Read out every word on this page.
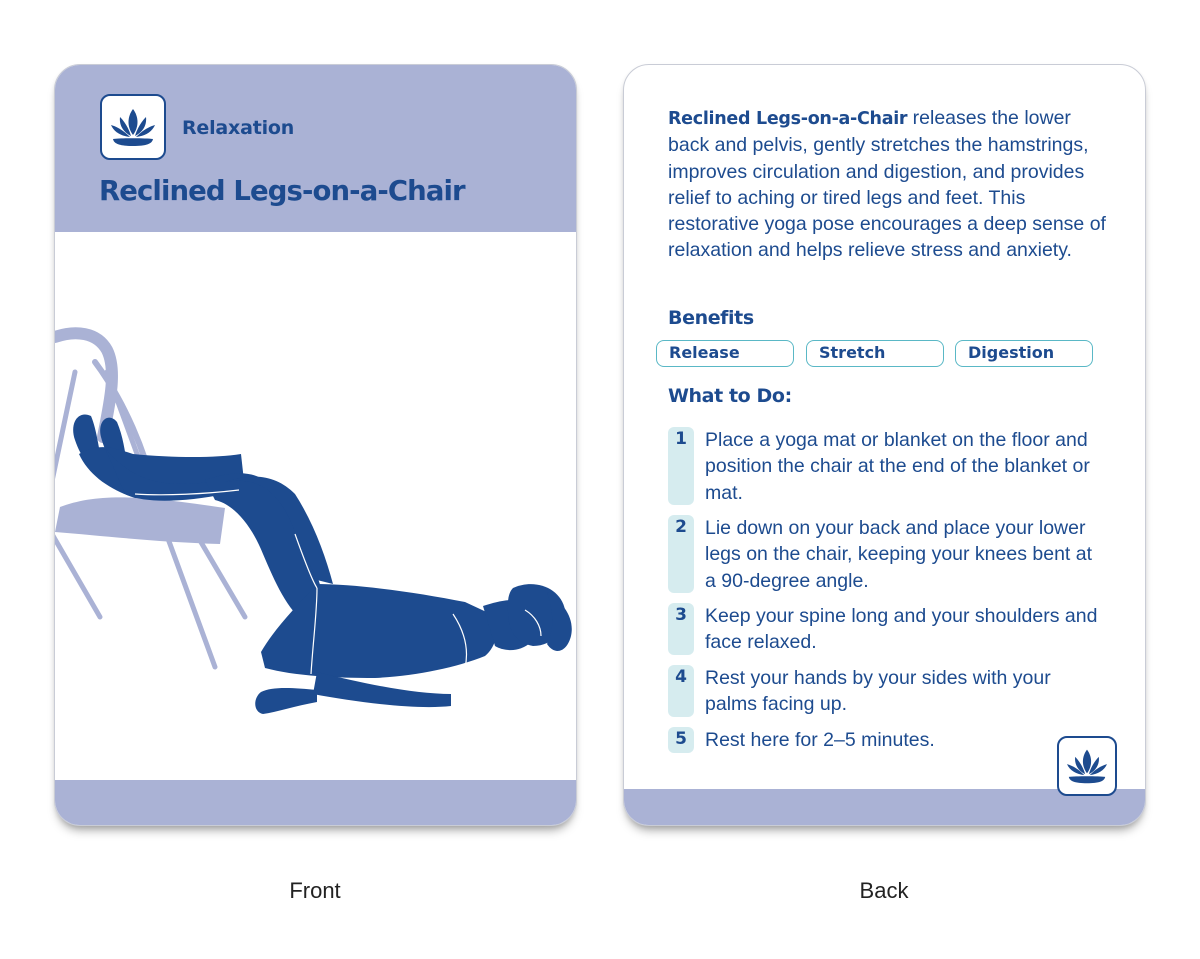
Relaxation
Reclined Legs-on-a-Chair

Reclined Legs-on-a-Chair releases the lower back and pelvis, gently stretches the hamstrings, improves circulation and digestion, and provides relief to aching or tired legs and feet. This restorative yoga pose encourages a deep sense of relaxation and helps relieve stress and anxiety.

Benefits
Release	Stretch	Digestion
What to Do:
1 Place a yoga mat or blanket on the floor and position the chair at the end of the blanket or mat.
2 Lie down on your back and place your lower legs on the chair, keeping your knees bent at a 90-degree angle.
3 Keep your spine long and your shoulders and face relaxed.
4 Rest your hands by your sides with your palms facing up.
5 Rest here for 2–5 minutes.
Front	Back
